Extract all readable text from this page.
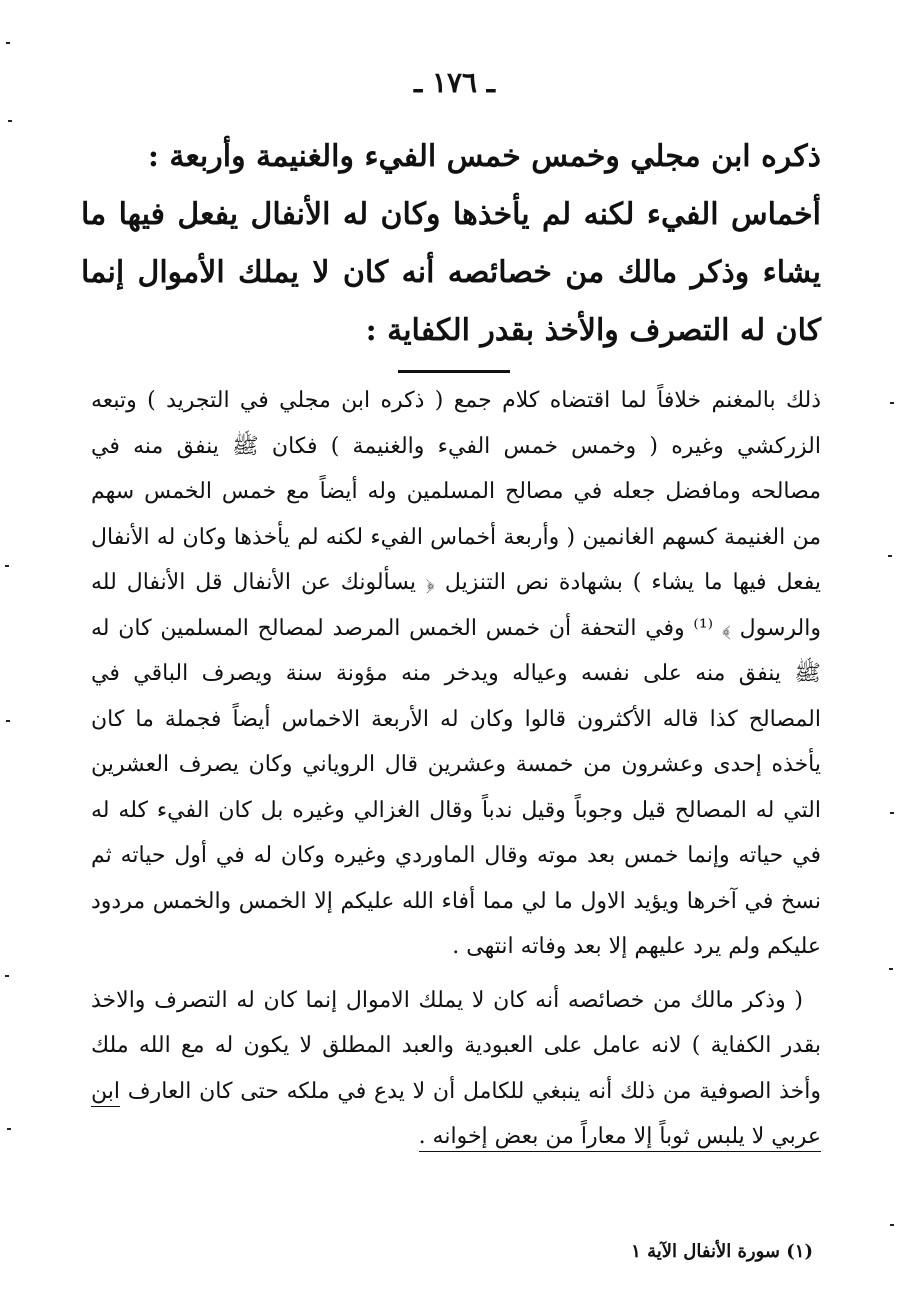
ـ ١٧٦ ـ

ذكره ابن مجلي وخمس خمس الفيء والغنيمة وأربعة :

أخماس الفيء لكنه لم يأخذها وكان له الأنفال يفعل فيها ما يشاء وذكر مالك من خصائصه أنه كان لا يملك الأموال إنما كان له التصرف والأخذ بقدر الكفاية :

ذلك بالمغنم خلافاً لما اقتضاه كلام جمع ( ذكره ابن مجلي في التجريد ) وتبعه الزركشي وغيره ( وخمس خمس الفيء والغنيمة ) فكان ﷺ ينفق منه في مصالحه ومافضل جعله في مصالح المسلمين وله أيضاً مع خمس الخمس سهم من الغنيمة كسهم الغانمين ( وأربعة أخماس الفيء لكنه لم يأخذها وكان له الأنفال يفعل فيها ما يشاء ) بشهادة نص التنزيل ﴿ يسألونك عن الأنفال قل الأنفال لله والرسول ﴾ ⁽¹⁾ وفي التحفة أن خمس الخمس المرصد لمصالح المسلمين كان له ﷺ ينفق منه على نفسه وعياله ويدخر منه مؤونة سنة ويصرف الباقي في المصالح كذا قاله الأكثرون قالوا وكان له الأربعة الاخماس أيضاً فجملة ما كان يأخذه إحدى وعشرون من خمسة وعشرين قال الروياني وكان يصرف العشرين التي له المصالح قيل وجوباً وقيل ندباً وقال الغزالي وغيره بل كان الفيء كله له في حياته وإنما خمس بعد موته وقال الماوردي وغيره وكان له في أول حياته ثم نسخ في آخرها ويؤيد الاول ما لي مما أفاء الله عليكم إلا الخمس والخمس مردود عليكم ولم يرد عليهم إلا بعد وفاته انتهى .

( وذكر مالك من خصائصه أنه كان لا يملك الاموال إنما كان له التصرف والاخذ بقدر الكفاية ) لانه عامل على العبودية والعبد المطلق لا يكون له مع الله ملك وأخذ الصوفية من ذلك أنه ينبغي للكامل أن لا يدع في ملكه حتى كان العارف ابن عربي لا يلبس ثوباً إلا معاراً من بعض إخوانه .

(١) سورة الأنفال الآية ١
